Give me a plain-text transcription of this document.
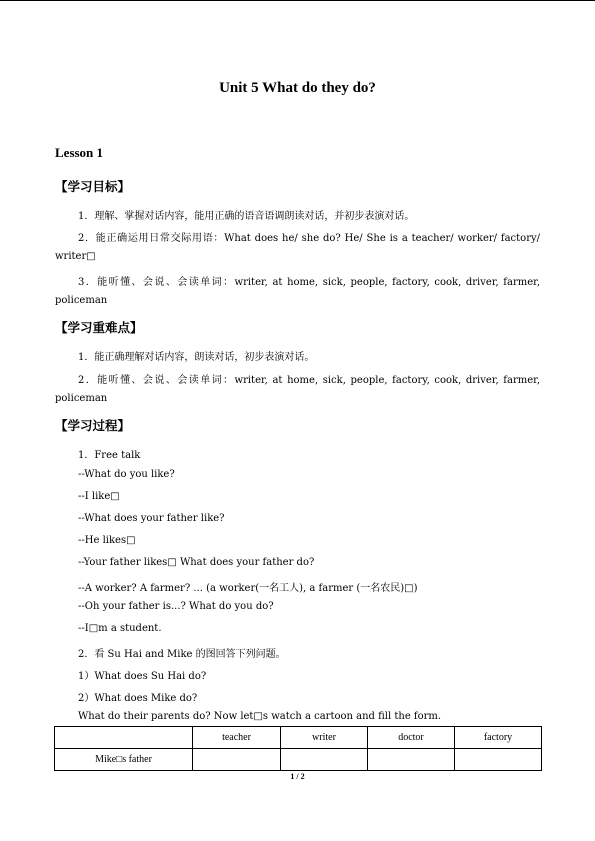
Unit 5 What do they do?
Lesson 1
【学习目标】
1．理解、掌握对话内容，能用正确的语音语调朗读对话，并初步表演对话。
2．能正确运用日常交际用语：What does he/ she do? He/ She is a teacher/ worker/ factory/
writer□
3．能听懂、会说、会读单词：writer, at home, sick, people, factory, cook, driver, farmer,
policeman
【学习重难点】
1．能正确理解对话内容，朗读对话，初步表演对话。
2．能听懂、会说、会读单词：writer, at home, sick, people, factory, cook, driver, farmer,
policeman
【学习过程】
1．Free talk
--What do you like?
--I like□
--What does your father like?
--He likes□
--Your father likes□ What does your father do?
--A worker? A farmer? ... (a worker(一名工人), a farmer (一名农民)□)
--Oh your father is...? What do you do?
--I□m a student.
2．看 Su Hai and Mike 的图回答下列问题。
1）What does Su Hai do?
2）What does Mike do?
What do their parents do? Now let□s watch a cartoon and fill the form.
	teacher	writer	doctor	factory
Mike□s father				
1 / 2
